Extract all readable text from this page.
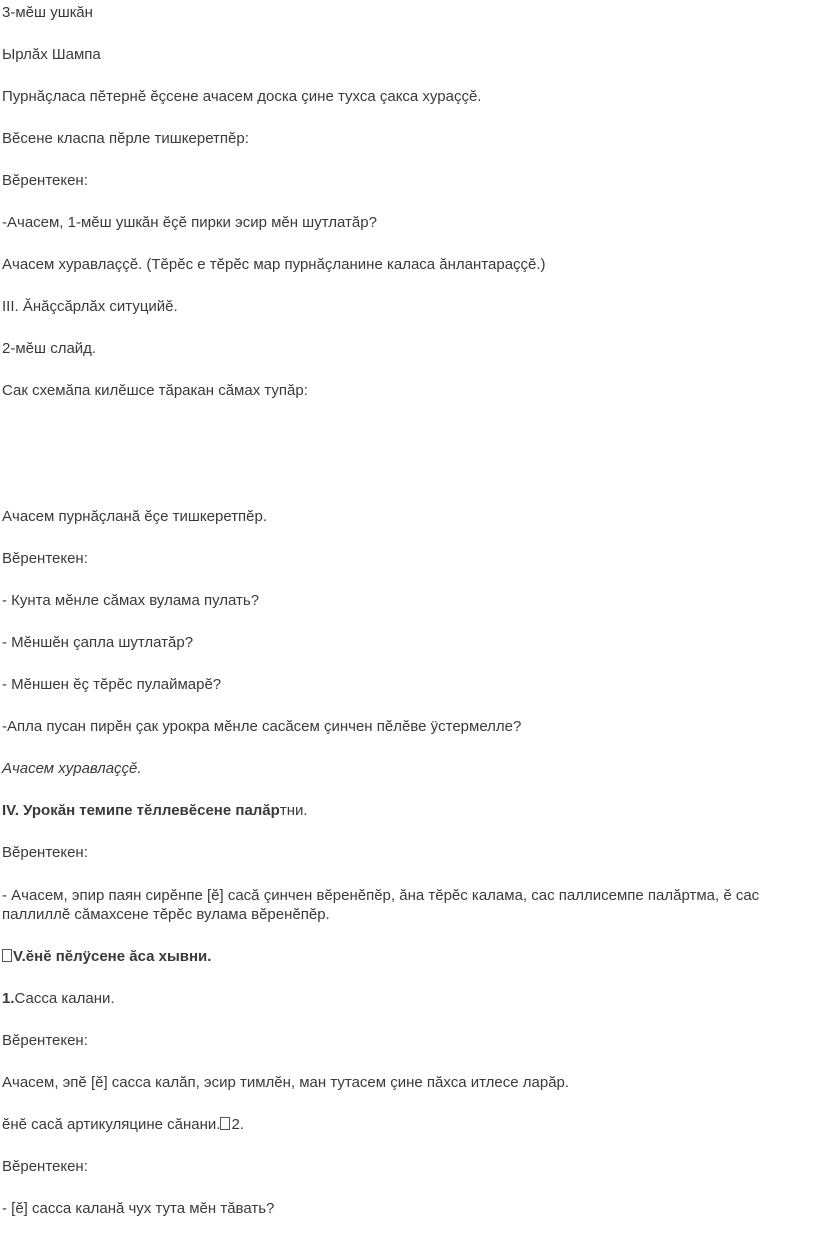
3-мĕш ушкăн

Ырлăх Шампа

Пурнăçласа пĕтернĕ ĕçсене ачасем доска çине тухса çакса хураççĕ.

Вĕсене класпа пĕрле тишкеретпĕр:

Вĕрентекен:

-Ачасем, 1-мĕш ушкăн ĕçĕ пирки эсир мĕн шутлатăр?

Ачасем хуравлаççĕ. (Тĕрĕс е тĕрĕс мар пурнăçланине каласа ăнлантараççĕ.)

III. Ăнăçсăрлăх ситуцийĕ.

2-мĕш слайд.

Сак схемăпа килĕшсе тăракан сăмах тупăр:

Ачасем пурнăçланă ĕçе тишкеретпĕр.

Вĕрентекен:

- Кунта мĕнле сăмах вулама пулать?

- Мĕншĕн çапла шутлатăр?

- Мĕншен ĕç тĕрĕс пулаймарĕ?

-Апла пусан пирĕн çак урокра мĕнле сасăсем çинчен пĕлĕве ÿстермелле?

Ачасем хуравлаççĕ.

IV. Урокăн темипе тĕллевĕсене палăртни.

Вĕрентекен:

- Ачасем, эпир паян сирĕнпе [ĕ] сасă çинчен вĕренĕпĕр, ăна тĕрĕс калама, сас паллисемпе палăртма, ĕ сас паллиллĕ сăмахсене тĕрĕс вулама вĕренĕпĕр.

V.ĕнĕ пĕлÿсене ăса хывни.

1.Сасса калани.

Вĕрентекен:

Ачасем, эпĕ [ĕ] сасса калăп, эсир тимлĕн, ман тутасем çине пăхса итлесе ларăр.

ĕнĕ сасă артикуляцине сăнани. 2.

Вĕрентекен:

- [ĕ] сасса каланă чух тута мĕн тăвать?
